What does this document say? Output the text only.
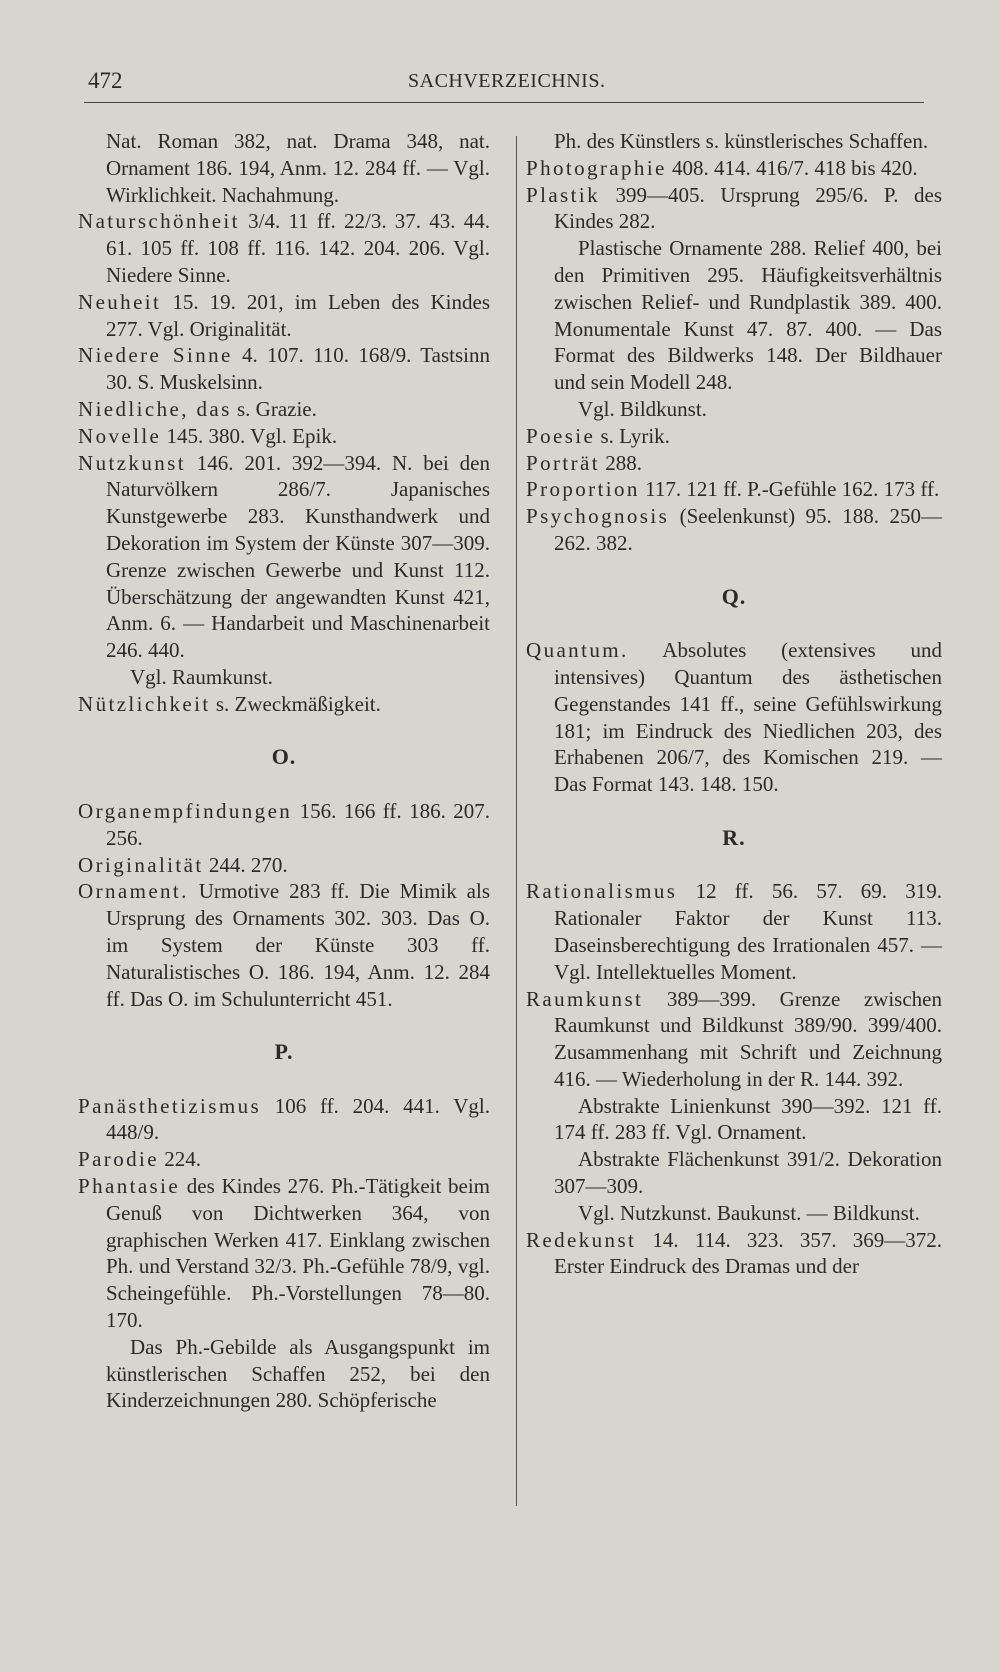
472	SACHVERZEICHNIS.

Nat. Roman 382, nat. Drama 348, nat. Ornament 186. 194, Anm. 12. 284 ff. — Vgl. Wirklichkeit. Nachahmung.

Naturschönheit 3/4. 11 ff. 22/3. 37. 43. 44. 61. 105 ff. 108 ff. 116. 142. 204. 206. Vgl. Niedere Sinne.

Neuheit 15. 19. 201, im Leben des Kindes 277. Vgl. Originalität.

Niedere Sinne 4. 107. 110. 168/9. Tastsinn 30. S. Muskelsinn.

Niedliche, das s. Grazie.

Novelle 145. 380. Vgl. Epik.

Nutzkunst 146. 201. 392—394. N. bei den Naturvölkern 286/7. Japanisches Kunstgewerbe 283. Kunsthandwerk und Dekoration im System der Künste 307—309. Grenze zwischen Gewerbe und Kunst 112. Überschätzung der angewandten Kunst 421, Anm. 6. — Handarbeit und Maschinenarbeit 246. 440.

Vgl. Raumkunst.

Nützlichkeit s. Zweckmäßigkeit.

O.

Organempfindungen 156. 166 ff. 186. 207. 256.

Originalität 244. 270.

Ornament. Urmotive 283 ff. Die Mimik als Ursprung des Ornaments 302. 303. Das O. im System der Künste 303 ff. Naturalistisches O. 186. 194, Anm. 12. 284 ff. Das O. im Schulunterricht 451.

P.

Panästhetizismus 106 ff. 204. 441. Vgl. 448/9.

Parodie 224.

Phantasie des Kindes 276. Ph.-Tätigkeit beim Genuß von Dichtwerken 364, von graphischen Werken 417. Einklang zwischen Ph. und Verstand 32/3. Ph.-Gefühle 78/9, vgl. Scheingefühle. Ph.-Vorstellungen 78—80. 170.

Das Ph.-Gebilde als Ausgangspunkt im künstlerischen Schaffen 252, bei den Kinderzeichnungen 280. Schöpferische

Ph. des Künstlers s. künstlerisches Schaffen.

Photographie 408. 414. 416/7. 418 bis 420.

Plastik 399—405. Ursprung 295/6. P. des Kindes 282.

Plastische Ornamente 288. Relief 400, bei den Primitiven 295. Häufigkeitsverhältnis zwischen Relief- und Rundplastik 389. 400. Monumentale Kunst 47. 87. 400. — Das Format des Bildwerks 148. Der Bildhauer und sein Modell 248.

Vgl. Bildkunst.

Poesie s. Lyrik.

Porträt 288.

Proportion 117. 121 ff. P.-Gefühle 162. 173 ff.

Psychognosis (Seelenkunst) 95. 188. 250—262. 382.

Q.

Quantum. Absolutes (extensives und intensives) Quantum des ästhetischen Gegenstandes 141 ff., seine Gefühlswirkung 181; im Eindruck des Niedlichen 203, des Erhabenen 206/7, des Komischen 219. — Das Format 143. 148. 150.

R.

Rationalismus 12 ff. 56. 57. 69. 319. Rationaler Faktor der Kunst 113. Daseinsberechtigung des Irrationalen 457. — Vgl. Intellektuelles Moment.

Raumkunst 389—399. Grenze zwischen Raumkunst und Bildkunst 389/90. 399/400. Zusammenhang mit Schrift und Zeichnung 416. — Wiederholung in der R. 144. 392.

Abstrakte Linienkunst 390—392. 121 ff. 174 ff. 283 ff. Vgl. Ornament.

Abstrakte Flächenkunst 391/2. Dekoration 307—309.

Vgl. Nutzkunst. Baukunst. — Bildkunst.

Redekunst 14. 114. 323. 357. 369—372. Erster Eindruck des Dramas und der
